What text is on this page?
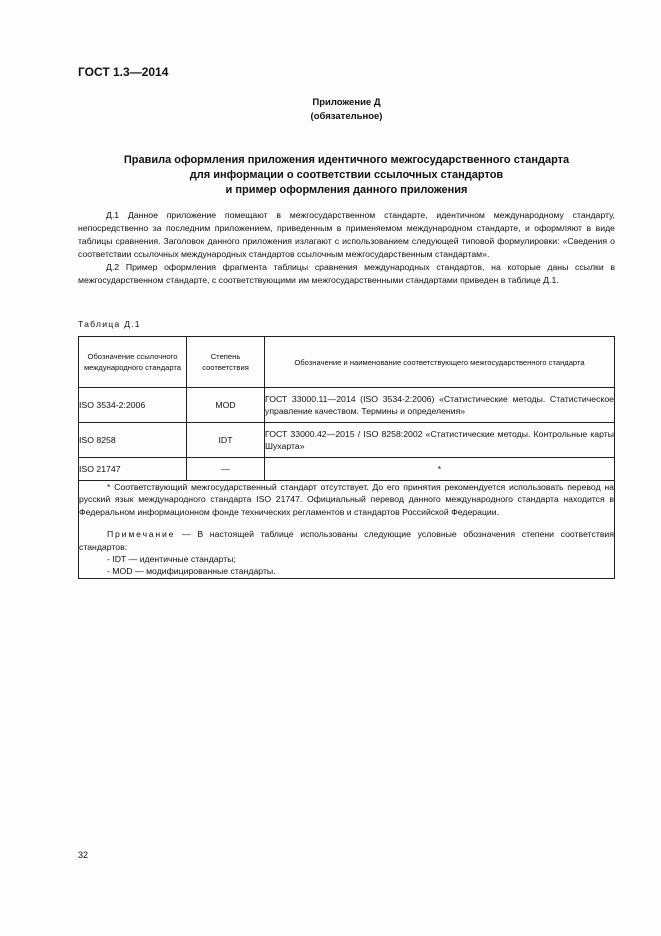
ГОСТ 1.3—2014
Приложение Д
(обязательное)
Правила оформления приложения идентичного межгосударственного стандарта
для информации о соответствии ссылочных стандартов
и пример оформления данного приложения

Д.1 Данное приложение помещают в межгосударственном стандарте, идентичном международному стандарту, непосредственно за последним приложением, приведенным в применяемом международном стандарте, и оформляют в виде таблицы сравнения. Заголовок данного приложения излагают с использованием следующей типовой формулировки: «Сведения о соответствии ссылочных международных стандартов ссылочным межгосударственным стандартам».

Д.2 Пример оформления фрагмента таблицы сравнения международных стандартов, на которые даны ссылки в межгосударственном стандарте, с соответствующими им межгосударственными стандартами приведен в таблице Д.1.

Таблица Д.1
Обозначение ссылочного международного стандарта	Степень соответствия	Обозначение и наименование соответствующего межгосударственного стандарта
ISO 3534-2:2006	MOD	ГОСТ 33000.11—2014 (ISO 3534-2:2006) «Статистические методы. Статистическое управление качеством. Термины и определения»
ISO 8258	IDT	ГОСТ 33000.42—2015 / ISO 8258:2002 «Статистические методы. Контрольные карты Шухарта»
ISO 21747	—	*

* Соответствующий межгосударственный стандарт отсутствует. До его принятия рекомендуется использовать перевод на русский язык международного стандарта ISO 21747. Официальный перевод данного международного стандарта находится в Федеральном информационном фонде технических регламентов и стандартов Российской Федерации.

Примечание — В настоящей таблице использованы следующие условные обозначения степени соответствия стандартов:

- IDT — идентичные стандарты;

- MOD — модифицированные стандарты.		

32
